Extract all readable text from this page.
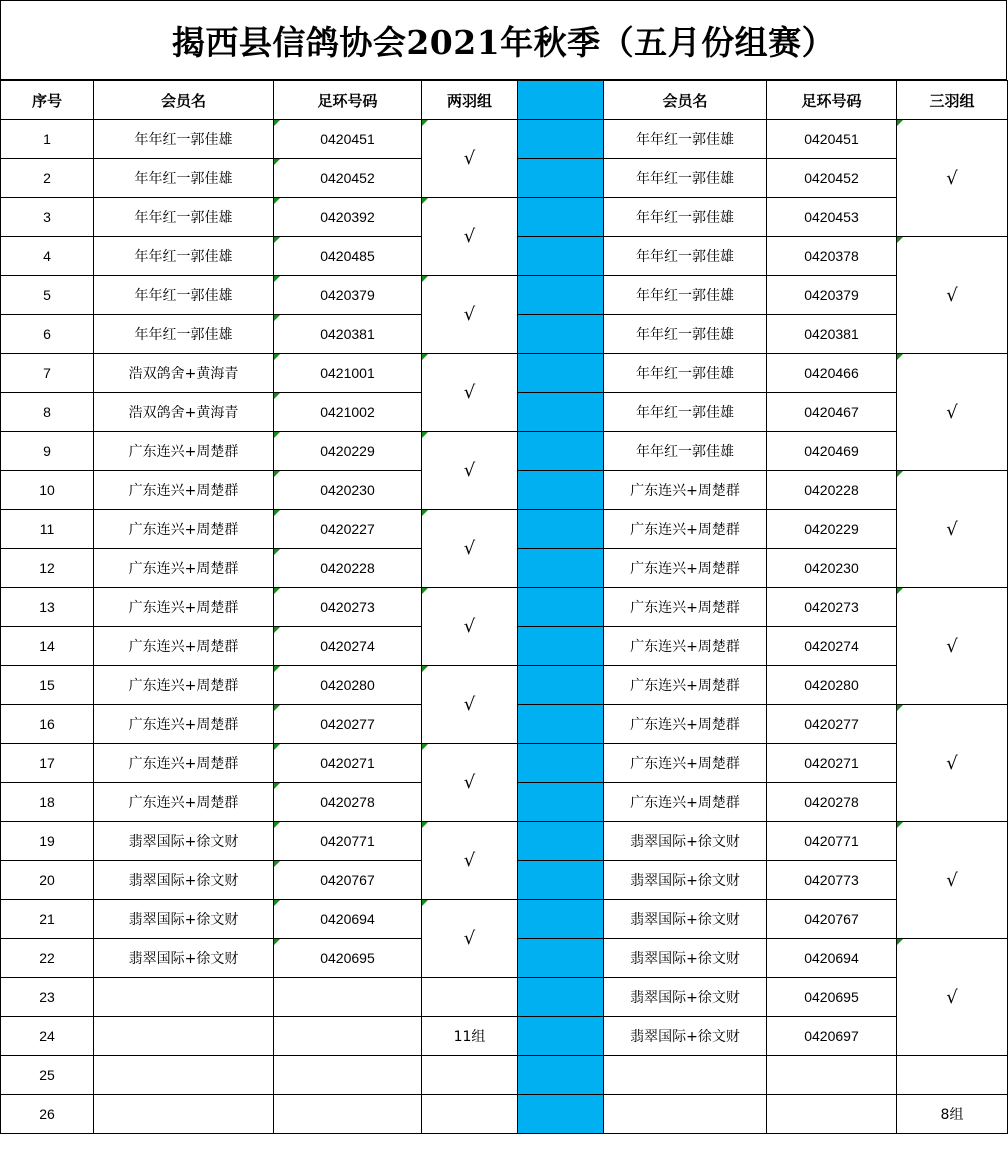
揭西县信鸽协会2021年秋季（五月份组赛）
序号	会员名	足环号码	两羽组		会员名	足环号码	三羽组
1	年年红一郭佳雄	0420451	√		年年红一郭佳雄	0420451	√
2	年年红一郭佳雄	0420452			年年红一郭佳雄	0420452	
3	年年红一郭佳雄	0420392	√		年年红一郭佳雄	0420453	
4	年年红一郭佳雄	0420485			年年红一郭佳雄	0420378	√
5	年年红一郭佳雄	0420379	√		年年红一郭佳雄	0420379	
6	年年红一郭佳雄	0420381			年年红一郭佳雄	0420381	
7	浩双鸽舍+黄海青	0421001	√		年年红一郭佳雄	0420466	√
8	浩双鸽舍+黄海青	0421002			年年红一郭佳雄	0420467	
9	广东连兴+周楚群	0420229	√		年年红一郭佳雄	0420469	
10	广东连兴+周楚群	0420230			广东连兴+周楚群	0420228	√
11	广东连兴+周楚群	0420227	√		广东连兴+周楚群	0420229	
12	广东连兴+周楚群	0420228			广东连兴+周楚群	0420230	
13	广东连兴+周楚群	0420273	√		广东连兴+周楚群	0420273	√
14	广东连兴+周楚群	0420274			广东连兴+周楚群	0420274	
15	广东连兴+周楚群	0420280	√		广东连兴+周楚群	0420280	
16	广东连兴+周楚群	0420277			广东连兴+周楚群	0420277	√
17	广东连兴+周楚群	0420271	√		广东连兴+周楚群	0420271	
18	广东连兴+周楚群	0420278			广东连兴+周楚群	0420278	
19	翡翠国际+徐文财	0420771	√		翡翠国际+徐文财	0420771	√
20	翡翠国际+徐文财	0420767			翡翠国际+徐文财	0420773	
21	翡翠国际+徐文财	0420694	√		翡翠国际+徐文财	0420767	
22	翡翠国际+徐文财	0420695			翡翠国际+徐文财	0420694	√
23					翡翠国际+徐文财	0420695	
24			11组		翡翠国际+徐文财	0420697	
25							
26							8组
